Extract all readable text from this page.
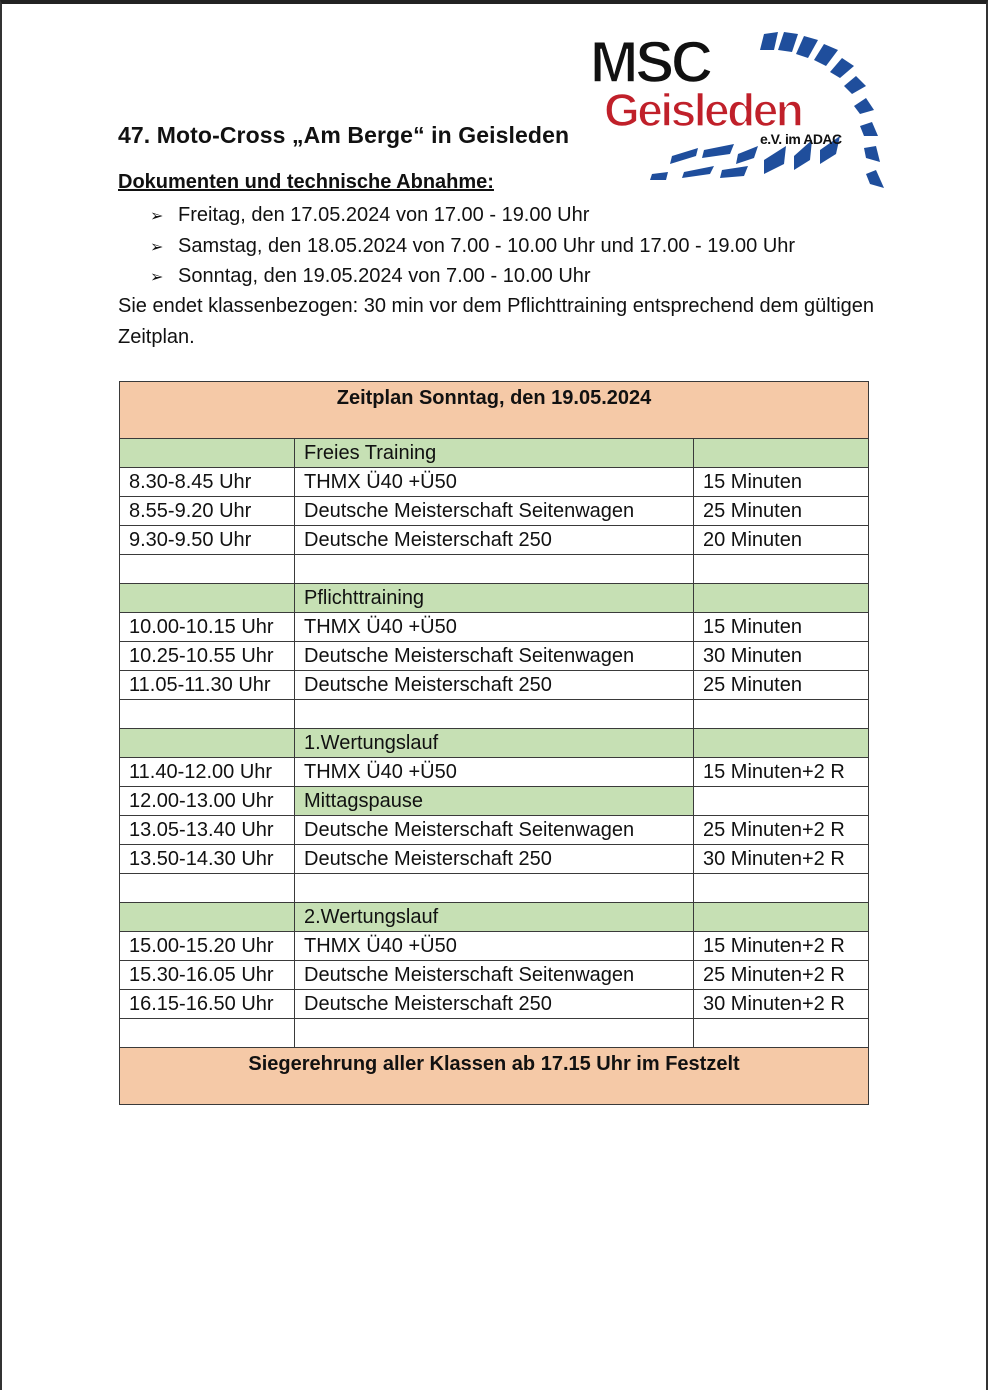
MSC
Geisleden
e.V. im ADAC
47. Moto-Cross „Am Berge“ in Geisleden
Dokumenten und technische Abnahme:
➢ Freitag, den 17.05.2024 von 17.00 - 19.00 Uhr
➢ Samstag, den 18.05.2024 von 7.00 - 10.00 Uhr und 17.00 - 19.00 Uhr
➢ Sonntag, den 19.05.2024 von 7.00 - 10.00 Uhr
Sie endet klassenbezogen: 30 min vor dem Pflichttraining entsprechend dem gültigen Zeitplan.
Zeitplan Sonntag, den 19.05.2024		
	Freies Training	
8.30-8.45 Uhr	THMX Ü40 +Ü50	15 Minuten
8.55-9.20 Uhr	Deutsche Meisterschaft Seitenwagen	25 Minuten
9.30-9.50 Uhr	Deutsche Meisterschaft 250	20 Minuten

	Pflichttraining	
10.00-10.15 Uhr	THMX Ü40 +Ü50	15 Minuten
10.25-10.55 Uhr	Deutsche Meisterschaft Seitenwagen	30 Minuten
11.05-11.30 Uhr	Deutsche Meisterschaft 250	25 Minuten

	1.Wertungslauf	
11.40-12.00 Uhr	THMX Ü40 +Ü50	15 Minuten+2 R
12.00-13.00 Uhr	Mittagspause	
13.05-13.40 Uhr	Deutsche Meisterschaft Seitenwagen	25 Minuten+2 R
13.50-14.30 Uhr	Deutsche Meisterschaft 250	30 Minuten+2 R

	2.Wertungslauf	
15.00-15.20 Uhr	THMX Ü40 +Ü50	15 Minuten+2 R
15.30-16.05 Uhr	Deutsche Meisterschaft Seitenwagen	25 Minuten+2 R
16.15-16.50 Uhr	Deutsche Meisterschaft 250	30 Minuten+2 R

Siegerehrung aller Klassen ab 17.15 Uhr im Festzelt		
